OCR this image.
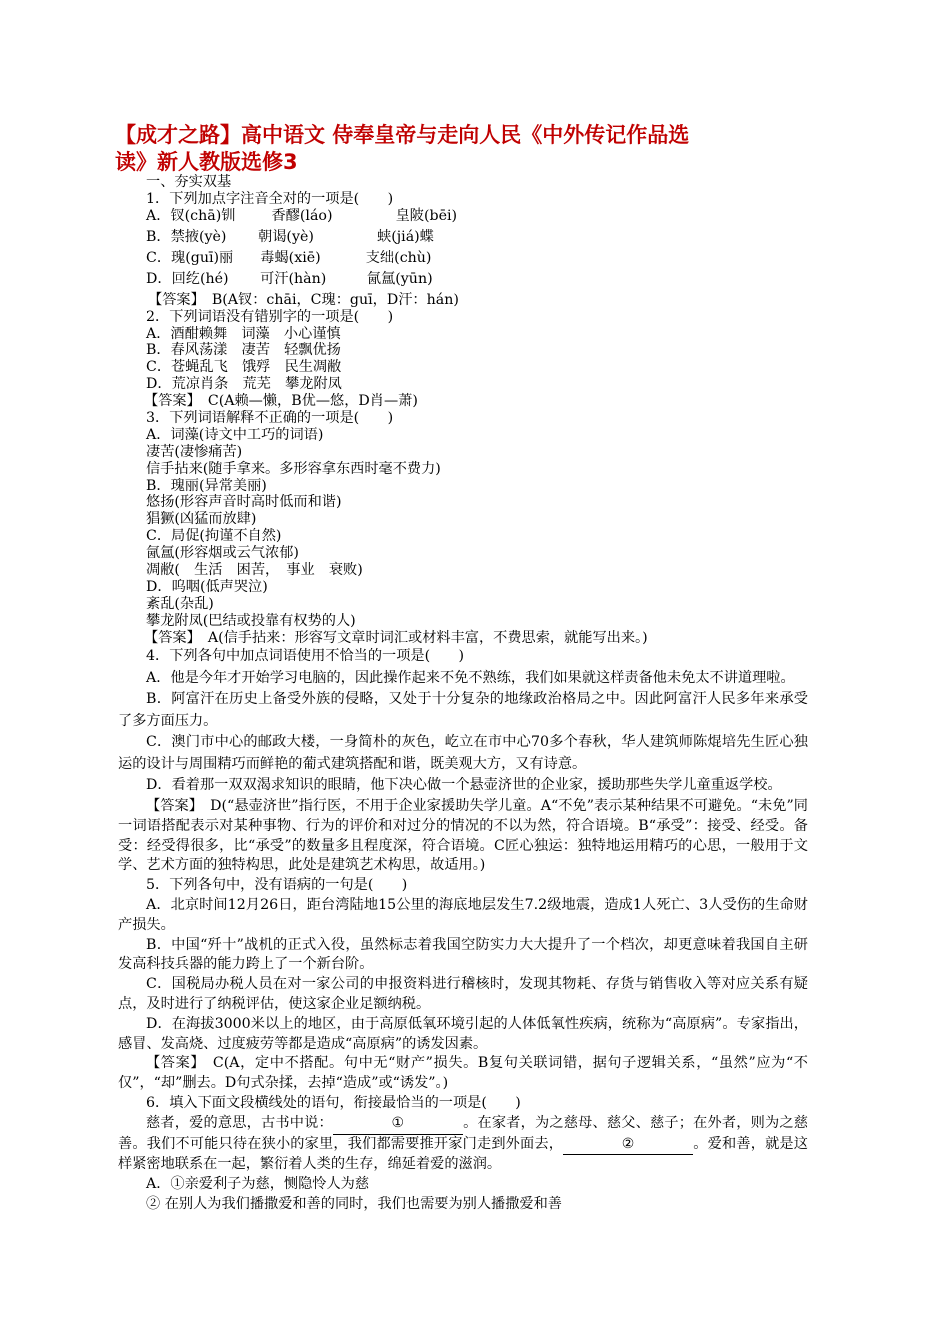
【成才之路】高中语文 侍奉皇帝与走向人民《中外传记作品选
读》新人教版选修3
一、夯实双基
1．下列加点字注音全对的一项是(　　)
A．钗(chā)钏        香醪(láo)              皇陂(bēi)
B．禁掖(yè)       朝谒(yè)              蛱(jiá)蝶
C．瑰(guī)丽      毒蝎(xiē)          支绌(chù)
D．回纥(hé)       可汗(hàn)         氤氲(yūn)
【答案】　B(A钗：chāi，C瑰：guī，D汗：hán)
2．下列词语没有错别字的一项是(　　)
A．酒酣赖舞　词藻　小心谨慎
B．春风荡漾　凄苦　轻飘优扬
C．苍蝇乱飞　饿殍　民生凋敝
D．荒凉肖条　荒芜　攀龙附凤
【答案】　C(A赖—懒，B优—悠，D肖—萧)
3．下列词语解释不正确的一项是(　　)
A．词藻(诗文中工巧的词语)
凄苦(凄惨痛苦)
信手拈来(随手拿来。多形容拿东西时毫不费力)
B．瑰丽(异常美丽)
悠扬(形容声音时高时低而和谐)
猖獗(凶猛而放肆)
C．局促(拘谨不自然)
氤氲(形容烟或云气浓郁)
凋敝(　生活　困苦，　事业　衰败)
D．呜咽(低声哭泣)
紊乱(杂乱)
攀龙附凤(巴结或投靠有权势的人)
【答案】　A(信手拈来：形容写文章时词汇或材料丰富，不费思索，就能写出来。)

4．下列各句中加点词语使用不恰当的一项是(　　)

A．他是今年才开始学习电脑的，因此操作起来不免不熟练，我们如果就这样责备他未免太不讲道理啦。

B．阿富汗在历史上备受外族的侵略，又处于十分复杂的地缘政治格局之中。因此阿富汗人民多年来承受了多方面压力。

C．澳门市中心的邮政大楼，一身简朴的灰色，屹立在市中心70多个春秋，华人建筑师陈焜培先生匠心独运的设计与周围精巧而鲜艳的葡式建筑搭配和谐，既美观大方，又有诗意。

D．看着那一双双渴求知识的眼睛，他下决心做一个悬壶济世的企业家，援助那些失学儿童重返学校。

【答案】　D(“悬壶济世”指行医，不用于企业家援助失学儿童。A“不免”表示某种结果不可避免。“未免”同一词语搭配表示对某种事物、行为的评价和对过分的情况的不以为然，符合语境。B“承受”：接受、经受。备受：经受得很多，比“承受”的数量多且程度深，符合语境。C匠心独运：独特地运用精巧的心思，一般用于文学、艺术方面的独特构思，此处是建筑艺术构思，故适用。)

5．下列各句中，没有语病的一句是(　　)

A．北京时间12月26日，距台湾陆地15公里的海底地层发生7.2级地震，造成1人死亡、3人受伤的生命财产损失。

B．中国“歼十”战机的正式入役，虽然标志着我国空防实力大大提升了一个档次，却更意味着我国自主研发高科技兵器的能力跨上了一个新台阶。

C．国税局办税人员在对一家公司的申报资料进行稽核时，发现其物耗、存货与销售收入等对应关系有疑点，及时进行了纳税评估，使这家企业足额纳税。

D．在海拔3000米以上的地区，由于高原低氧环境引起的人体低氧性疾病，统称为“高原病”。专家指出，感冒、发高烧、过度疲劳等都是造成“高原病”的诱发因素。

【答案】　C(A，定中不搭配。句中无“财产”损失。B复句关联词错，据句子逻辑关系，“虽然”应为“不仅”，“却”删去。D句式杂揉，去掉“造成”或“诱发”。)

6．填入下面文段横线处的语句，衔接最恰当的一项是(　　)

慈者，爱的意思，古书中说：	①	。在家者，为之慈母、慈父、慈子；在外者，则为之慈善。我们不可能只待在狭小的家里，我们都需要推开家门走到外面去，	②	。爱和善，就是这样紧密地联系在一起，繁衍着人类的生存，绵延着爱的滋润。

A．①亲爱利子为慈，恻隐怜人为慈

② 在别人为我们播撒爱和善的同时，我们也需要为别人播撒爱和善
